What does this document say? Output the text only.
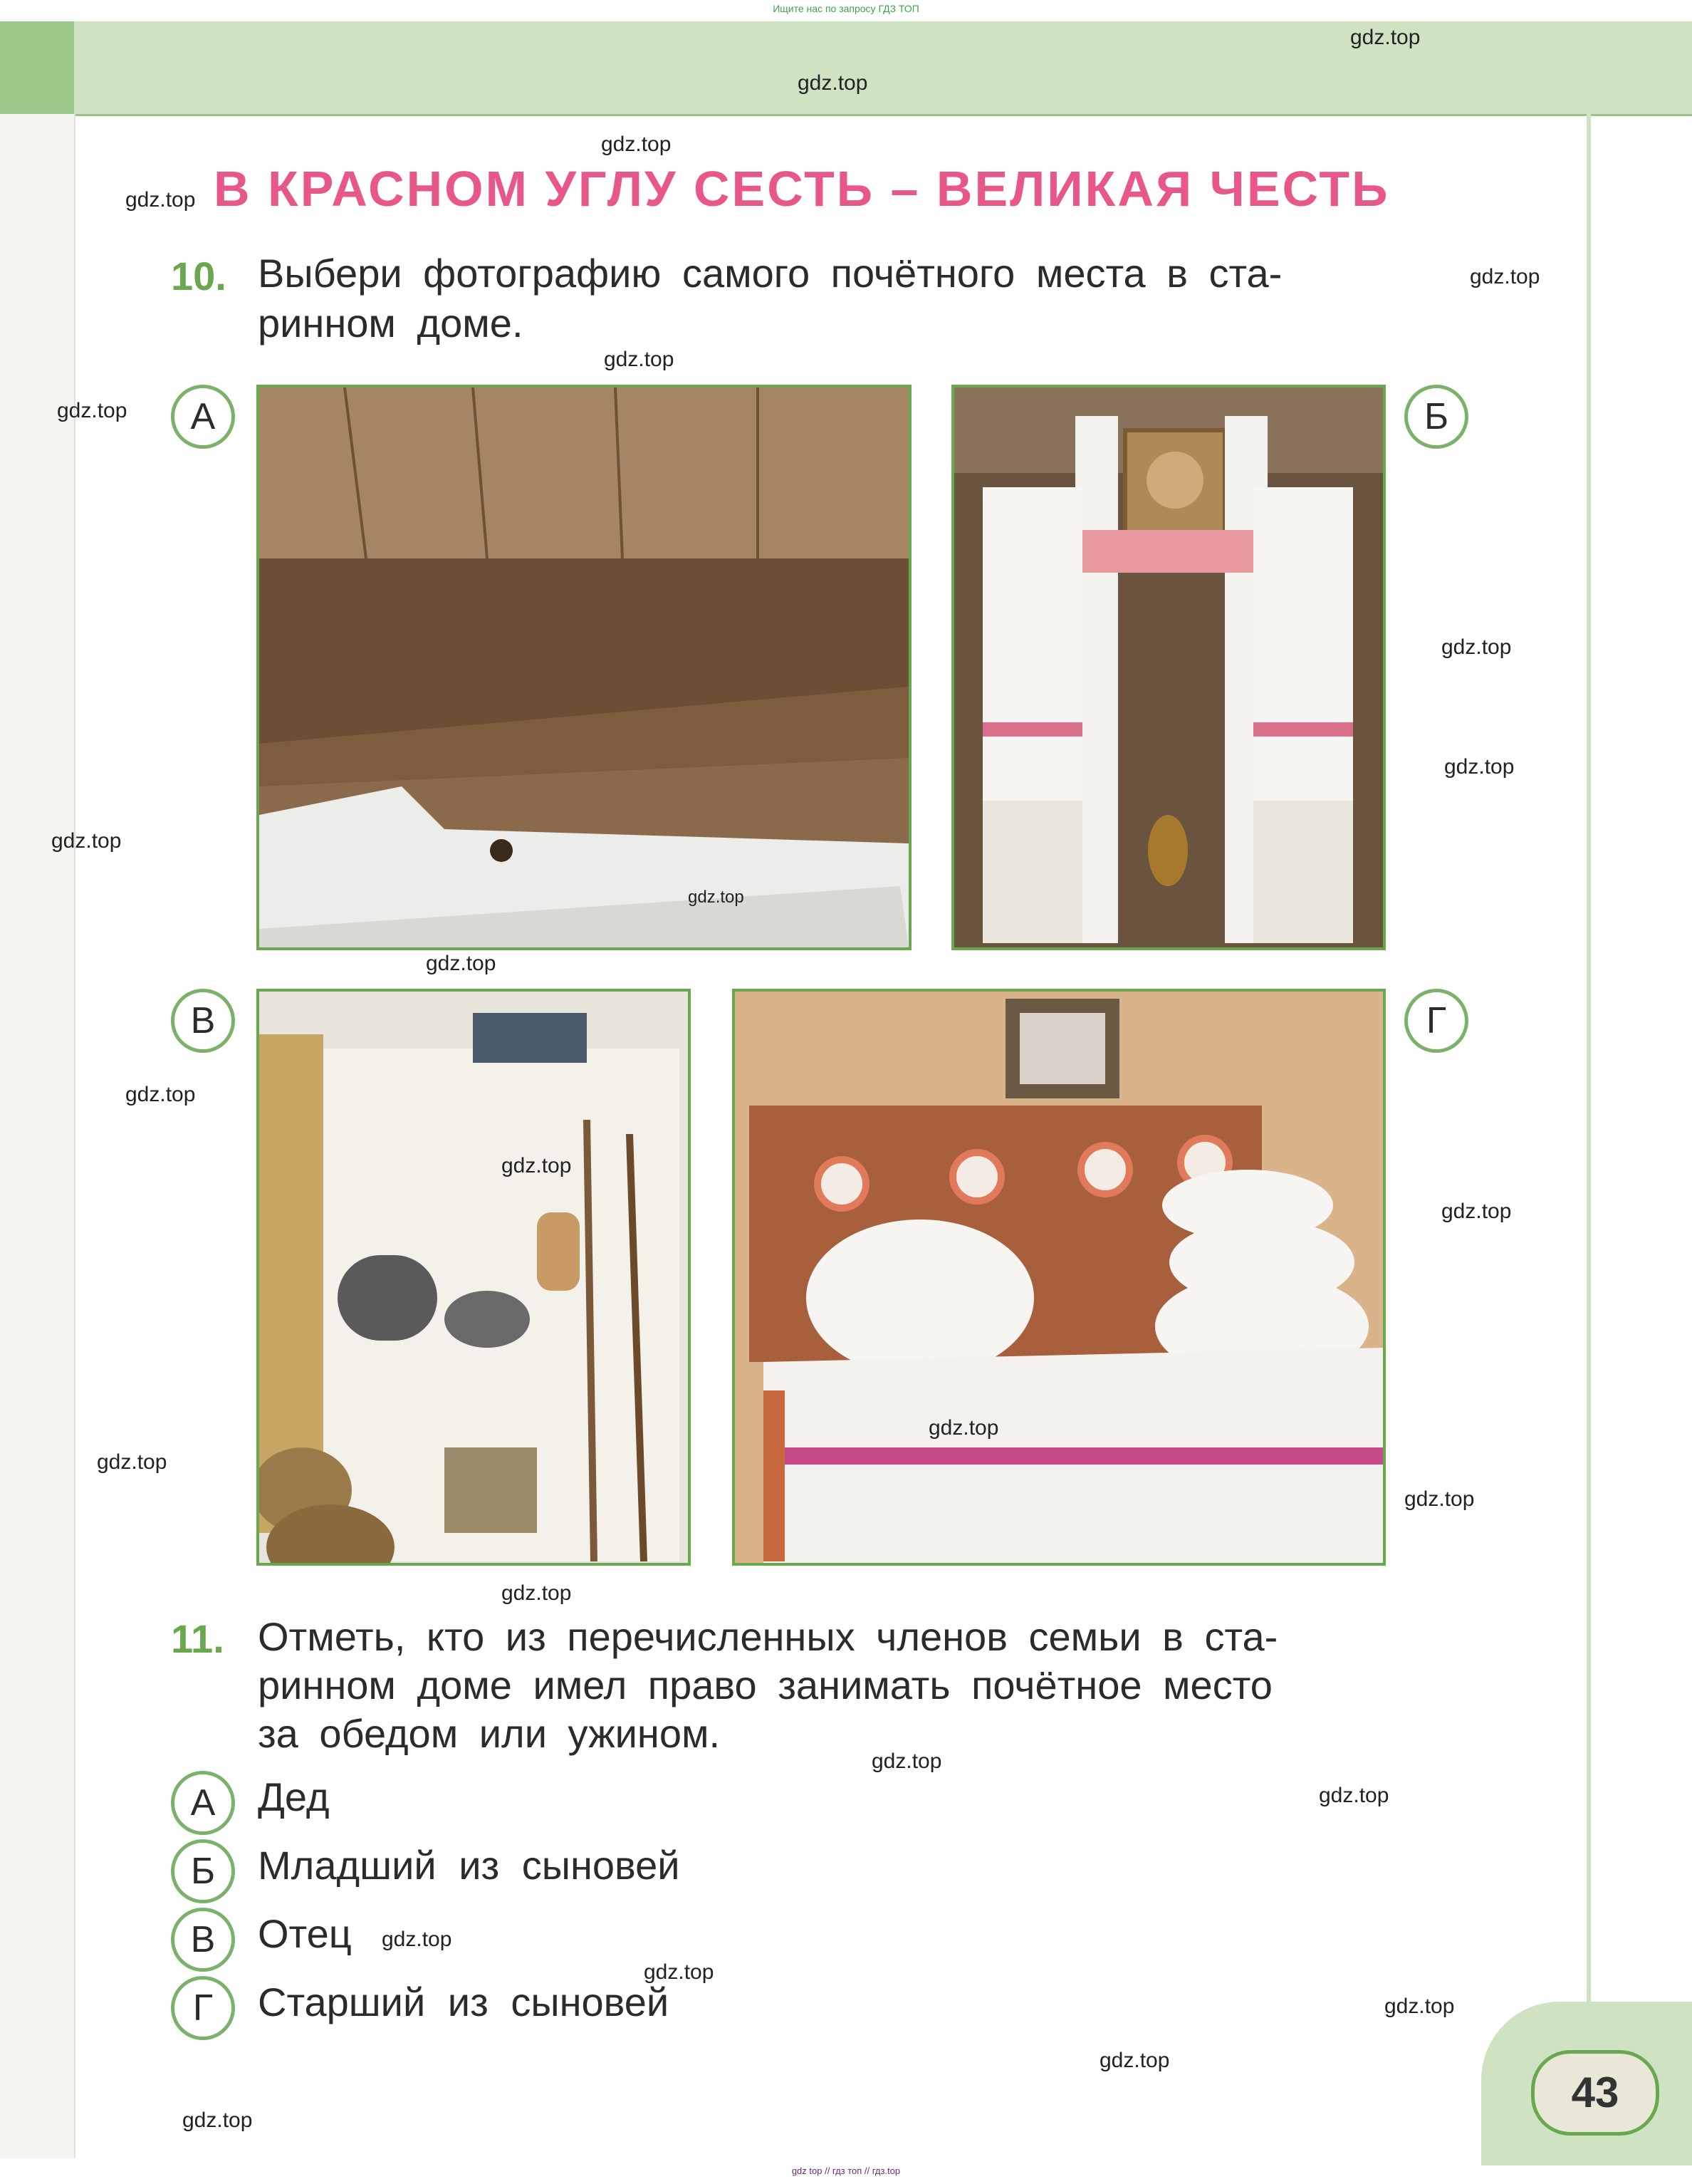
Ищите нас по запросу ГДЗ ТОП
В КРАСНОМ УГЛУ СЕСТЬ – ВЕЛИКАЯ ЧЕСТЬ
10. Выбери фотографию самого почётного места в ста-
ринном доме.
А	Б
В	Г
11. Отметь, кто из перечисленных членов семьи в ста-
ринном доме имел право занимать почётное место
за обедом или ужином.
А	Дед
Б	Младший из сыновей
В	Отец
Г	Старший из сыновей
43
gdz top // гдз топ // гдз.top
gdz.top
gdz.top
gdz.top
gdz.top
gdz.top
gdz.top
gdz.top
gdz.top
gdz.top
gdz.top
gdz.top
gdz.top
gdz.top
gdz.top
gdz.top
gdz.top
gdz.top
gdz.top
gdz.top
gdz.top
gdz.top
gdz.top
gdz.top
gdz.top
gdz.top
gdz.top
